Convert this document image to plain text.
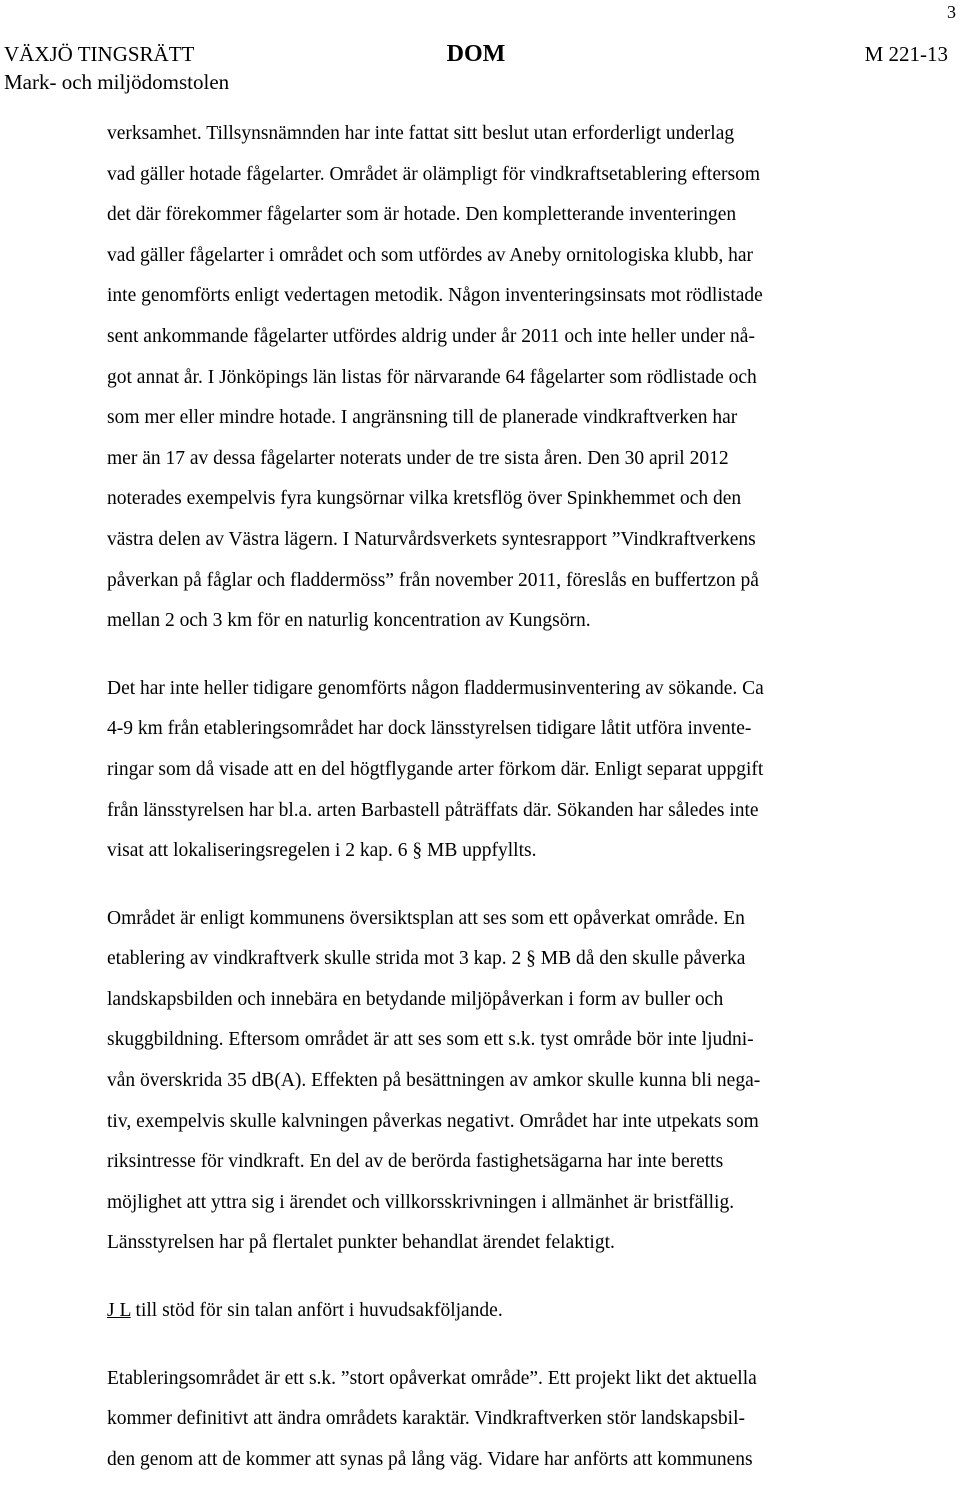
3
VÄXJÖ TINGSRÄTT
Mark- och miljödomstolen
DOM	M 221-13

verksamhet. Tillsynsnämnden har inte fattat sitt beslut utan erforderligt underlag
vad gäller hotade fågelarter. Området är olämpligt för vindkraftsetablering eftersom
det där förekommer fågelarter som är hotade. Den kompletterande inventeringen
vad gäller fågelarter i området och som utfördes av Aneby ornitologiska klubb, har
inte genomförts enligt vedertagen metodik. Någon inventeringsinsats mot rödlistade
sent ankommande fågelarter utfördes aldrig under år 2011 och inte heller under nå-
got annat år. I Jönköpings län listas för närvarande 64 fågelarter som rödlistade och
som mer eller mindre hotade. I angränsning till de planerade vindkraftverken har
mer än 17 av dessa fågelarter noterats under de tre sista åren. Den 30 april 2012
noterades exempelvis fyra kungsörnar vilka kretsflög över Spinkhemmet och den
västra delen av Västra lägern. I Naturvårdsverkets syntesrapport ”Vindkraftverkens
påverkan på fåglar och fladdermöss” från november 2011, föreslås en buffertzon på
mellan 2 och 3 km för en naturlig koncentration av Kungsörn.

Det har inte heller tidigare genomförts någon fladdermusinventering av sökande. Ca
4-9 km från etableringsområdet har dock länsstyrelsen tidigare låtit utföra invente-
ringar som då visade att en del högtflygande arter förkom där. Enligt separat uppgift
från länsstyrelsen har bl.a. arten Barbastell påträffats där. Sökanden har således inte
visat att lokaliseringsregelen i 2 kap. 6 § MB uppfyllts.

Området är enligt kommunens översiktsplan att ses som ett opåverkat område. En
etablering av vindkraftverk skulle strida mot 3 kap. 2 § MB då den skulle påverka
landskapsbilden och innebära en betydande miljöpåverkan i form av buller och
skuggbildning. Eftersom området är att ses som ett s.k. tyst område bör inte ljudni-
vån överskrida 35 dB(A). Effekten på besättningen av amkor skulle kunna bli nega-
tiv, exempelvis skulle kalvningen påverkas negativt. Området har inte utpekats som
riksintresse för vindkraft. En del av de berörda fastighetsägarna har inte beretts
möjlighet att yttra sig i ärendet och villkorsskrivningen i allmänhet är bristfällig.
Länsstyrelsen har på flertalet punkter behandlat ärendet felaktigt.

J L till stöd för sin talan anfört i huvudsakföljande.

Etableringsområdet är ett s.k. ”stort opåverkat område”. Ett projekt likt det aktuella
kommer definitivt att ändra områdets karaktär. Vindkraftverken stör landskapsbil-
den genom att de kommer att synas på lång väg. Vidare har anförts att kommunens
